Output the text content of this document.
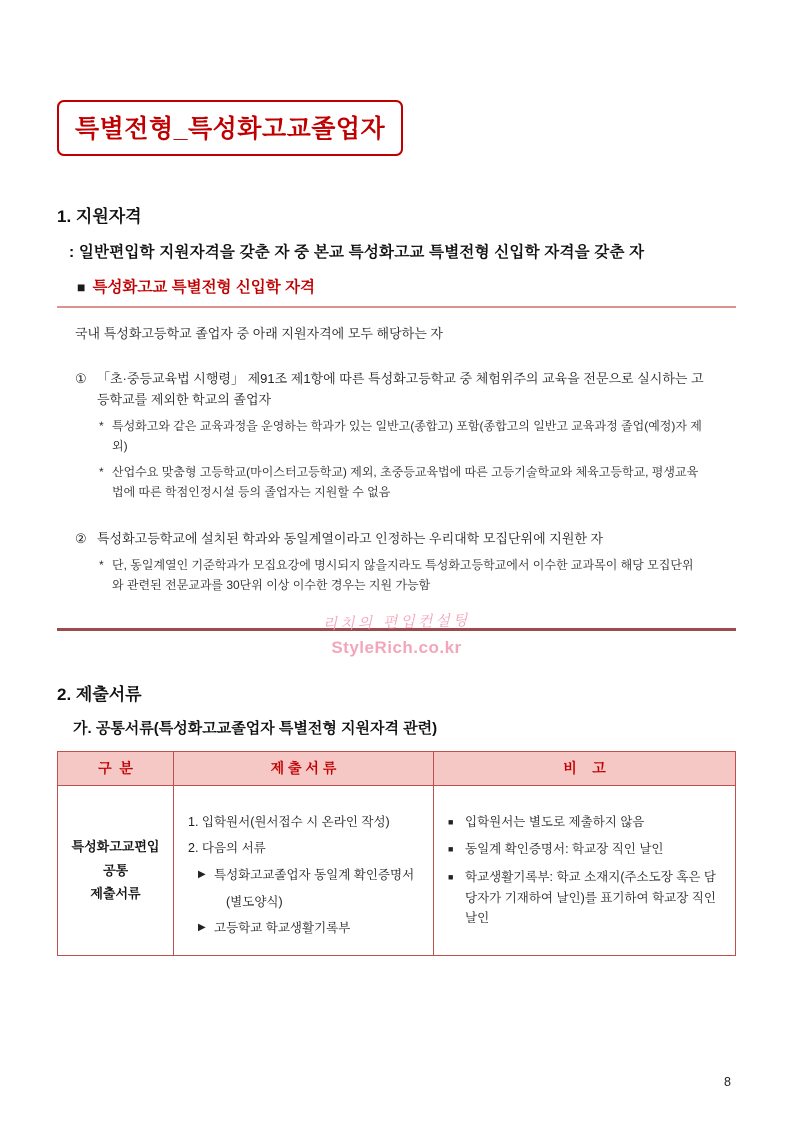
특별전형_특성화고교졸업자
1. 지원자격
: 일반편입학 지원자격을 갖춘 자 중 본교 특성화고교 특별전형 신입학 자격을 갖춘 자
■ 특성화고교 특별전형 신입학 자격
국내 특성화고등학교 졸업자 중 아래 지원자격에 모두 해당하는 자
① 「초·중등교육법 시행령」 제91조 제1항에 따른 특성화고등학교 중 체험위주의 교육을 전문으로 실시하는 고등학교를 제외한 학교의 졸업자
* 특성화고와 같은 교육과정을 운영하는 학과가 있는 일반고(종합고) 포함(종합고의 일반고 교육과정 졸업(예정)자 제외)
* 산업수요 맞춤형 고등학교(마이스터고등학교) 제외, 초중등교육법에 따른 고등기술학교와 체육고등학교, 평생교육법에 따른 학점인정시설 등의 졸업자는 지원할 수 없음
② 특성화고등학교에 설치된 학과와 동일계열이라고 인정하는 우리대학 모집단위에 지원한 자
* 단, 동일계열인 기준학과가 모집요강에 명시되지 않을지라도 특성화고등학교에서 이수한 교과목이 해당 모집단위와 관련된 전문교과를 30단위 이상 이수한 경우는 지원 가능함
리치의 편입컨설팅
StyleRich.co.kr
2. 제출서류
가. 공통서류(특성화고교졸업자 특별전형 지원자격 관련)
구  분	제 출 서 류	비    고
특성화고교편입
공통
제출서류
1. 입학원서(원서접수 시 온라인 작성)
2. 다음의 서류
▶ 특성화고교졸업자 동일계 확인증명서
(별도양식)
▶ 고등학교 학교생활기록부
■ 입학원서는 별도로 제출하지 않음
■ 동일계 확인증명서: 학교장 직인 날인
■ 학교생활기록부: 학교 소재지(주소도장 혹은 담당자가 기재하여 날인)를 표기하여 학교장 직인 날인
8
